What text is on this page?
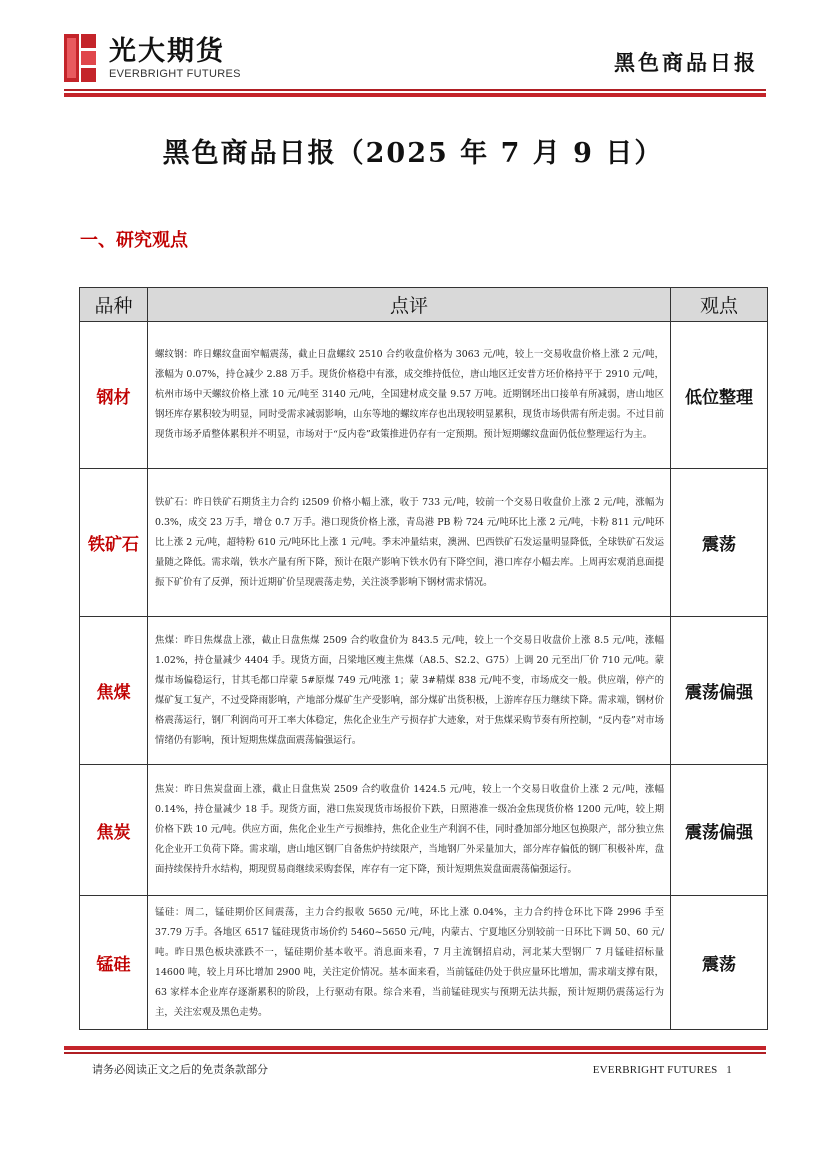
光大期货
EVERBRIGHT FUTURES	黑色商品日报
黑色商品日报（2025 年 7 月 9 日）
一、研究观点
品种	点评	观点
钢材	螺纹钢：昨日螺纹盘面窄幅震荡，截止日盘螺纹 2510 合约收盘价格为 3063 元/吨，较上一交易收盘价格上涨 2 元/吨，涨幅为 0.07%，持仓减少 2.88 万手。现货价格稳中有涨，成交维持低位，唐山地区迁安普方坯价格持平于 2910 元/吨，杭州市场中天螺纹价格上涨 10 元/吨至 3140 元/吨，全国建材成交量 9.57 万吨。近期钢坯出口接单有所减弱，唐山地区钢坯库存累积较为明显，同时受需求减弱影响，山东等地的螺纹库存也出现较明显累积，现货市场供需有所走弱。不过目前现货市场矛盾整体累积并不明显，市场对于“反内卷”政策推进仍存有一定预期。预计短期螺纹盘面仍低位整理运行为主。	低位整理
铁矿石	铁矿石：昨日铁矿石期货主力合约 i2509 价格小幅上涨，收于 733 元/吨，较前一个交易日收盘价上涨 2 元/吨，涨幅为 0.3%，成交 23 万手，增仓 0.7 万手。港口现货价格上涨，青岛港 PB 粉 724 元/吨环比上涨 2 元/吨，卡粉 811 元/吨环比上涨 2 元/吨，超特粉 610 元/吨环比上涨 1 元/吨。季末冲量结束，澳洲、巴西铁矿石发运量明显降低，全球铁矿石发运量随之降低。需求端，铁水产量有所下降，预计在限产影响下铁水仍有下降空间，港口库存小幅去库。上周再宏观消息面提振下矿价有了反弹，预计近期矿价呈现震荡走势，关注淡季影响下钢材需求情况。	震荡
焦煤	焦煤：昨日焦煤盘上涨，截止日盘焦煤 2509 合约收盘价为 843.5 元/吨，较上一个交易日收盘价上涨 8.5 元/吨，涨幅 1.02%，持仓量减少 4404 手。现货方面，吕梁地区瘦主焦煤（A8.5、S2.2、G75）上调 20 元至出厂价 710 元/吨。蒙煤市场偏稳运行，甘其毛都口岸蒙 5#原煤 749 元/吨涨 1；蒙 3#精煤 838 元/吨不变，市场成交一般。供应端，停产的煤矿复工复产，不过受降雨影响，产地部分煤矿生产受影响，部分煤矿出货积极，上游库存压力继续下降。需求端，钢材价格震荡运行，钢厂利润尚可开工率大体稳定，焦化企业生产亏损存扩大迹象，对于焦煤采购节奏有所控制，“反内卷”对市场情绪仍有影响，预计短期焦煤盘面震荡偏强运行。	震荡偏强
焦炭	焦炭：昨日焦炭盘面上涨，截止日盘焦炭 2509 合约收盘价 1424.5 元/吨，较上一个交易日收盘价上涨 2 元/吨，涨幅 0.14%，持仓量减少 18 手。现货方面，港口焦炭现货市场报价下跌，日照港准一级冶金焦现货价格 1200 元/吨，较上期价格下跌 10 元/吨。供应方面，焦化企业生产亏损维持，焦化企业生产利润不佳，同时叠加部分地区包换限产，部分独立焦化企业开工负荷下降。需求端，唐山地区钢厂自备焦炉持续限产，当地钢厂外采量加大，部分库存偏低的钢厂积极补库，盘面持续保持升水结构，期现贸易商继续采购套保，库存有一定下降，预计短期焦炭盘面震荡偏强运行。	震荡偏强
锰硅	锰硅：周二，锰硅期价区间震荡，主力合约报收 5650 元/吨，环比上涨 0.04%，主力合约持仓环比下降 2996 手至 37.79 万手。各地区 6517 锰硅现货市场价约 5460~5650 元/吨，内蒙古、宁夏地区分别较前一日环比下调 50、60 元/吨。昨日黑色板块涨跌不一，锰硅期价基本收平。消息面来看，7 月主流钢招启动，河北某大型钢厂 7 月锰硅招标量 14600 吨，较上月环比增加 2900 吨，关注定价情况。基本面来看，当前锰硅仍处于供应量环比增加，需求端支撑有限，63 家样本企业库存逐渐累积的阶段，上行驱动有限。综合来看，当前锰硅现实与预期无法共振，预计短期仍震荡运行为主，关注宏观及黑色走势。	震荡
请务必阅读正文之后的免责条款部分	EVERBRIGHT FUTURES 1
